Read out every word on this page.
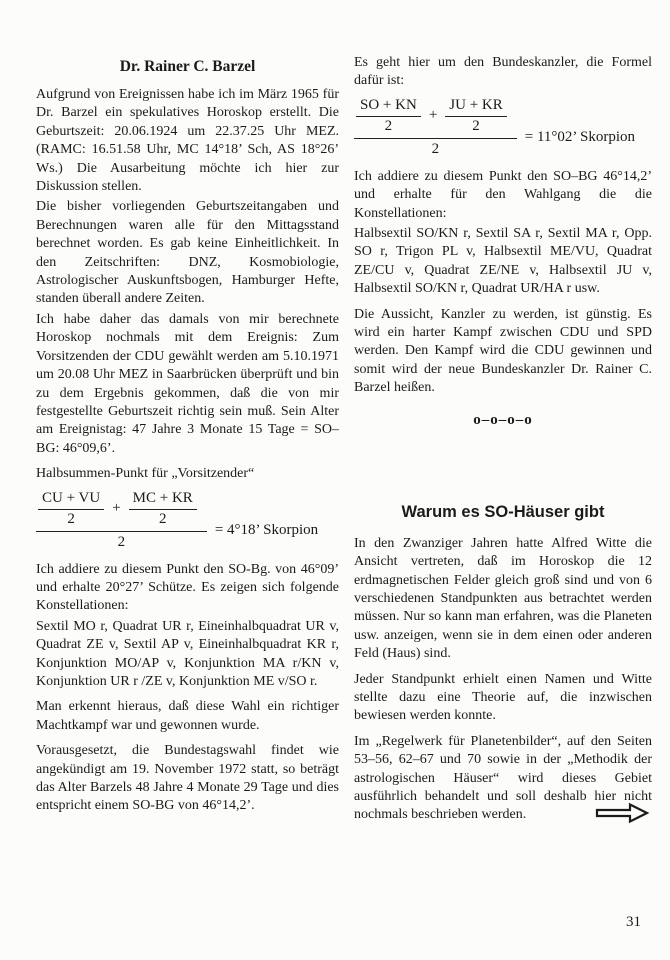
Dr. Rainer C. Barzel

Aufgrund von Ereignissen habe ich im März 1965 für Dr. Barzel ein spekulatives Horoskop erstellt. Die Geburtszeit: 20.06.1924 um 22.37.25 Uhr MEZ. (RAMC: 16.51.58 Uhr, MC 14°18’ Sch, AS 18°26’ Ws.) Die Ausarbeitung möchte ich hier zur Diskussion stellen.

Die bisher vorliegenden Geburtszeitangaben und Berechnungen waren alle für den Mittagsstand berechnet worden. Es gab keine Einheitlichkeit. In den Zeitschriften: DNZ, Kosmobiologie, Astrologischer Auskunftsbogen, Hamburger Hefte, standen überall andere Zeiten.

Ich habe daher das damals von mir berechnete Horoskop nochmals mit dem Ereignis: Zum Vorsitzenden der CDU gewählt werden am 5.10.1971 um 20.08 Uhr MEZ in Saarbrücken überprüft und bin zu dem Ergebnis gekommen, daß die von mir festgestellte Geburtszeit richtig sein muß. Sein Alter am Ereignistag: 47 Jahre 3 Monate 15 Tage = SO–BG: 46°09,6’.

Halbsummen-Punkt für „Vorsitzender“

$\frac{CU + VU}{2} + \frac{MC + KR}{2}$
2
= 4°18’ Skorpion

Ich addiere zu diesem Punkt den SO-Bg. von 46°09’ und erhalte 20°27’ Schütze. Es zeigen sich folgende Konstellationen:

Sextil MO r, Quadrat UR r, Eineinhalbquadrat UR v, Quadrat ZE v, Sextil AP v, Eineinhalbquadrat KR r, Konjunktion MO/AP v, Konjunktion MA r/KN v, Konjunktion UR r /ZE v, Konjunktion ME v/SO r.

Man erkennt hieraus, daß diese Wahl ein richtiger Machtkampf war und gewonnen wurde.

Vorausgesetzt, die Bundestagswahl findet wie angekündigt am 19. November 1972 statt, so beträgt das Alter Barzels 48 Jahre 4 Monate 29 Tage und dies entspricht einem SO-BG von 46°14,2’.

Es geht hier um den Bundeskanzler, die Formel dafür ist:

$\frac{SO + KN}{2} + \frac{JU + KR}{2}$
2
= 11°02’ Skorpion

Ich addiere zu diesem Punkt den SO–BG 46°14,2’ und erhalte für den Wahlgang die die Konstellationen:

Halbsextil SO/KN r, Sextil SA r, Sextil MA r, Opp. SO r, Trigon PL v, Halbsextil ME/VU, Quadrat ZE/CU v, Quadrat ZE/NE v, Halbsextil JU v, Halbsextil SO/KN r, Quadrat UR/HA r usw.

Die Aussicht, Kanzler zu werden, ist günstig. Es wird ein harter Kampf zwischen CDU und SPD werden. Den Kampf wird die CDU gewinnen und somit wird der neue Bundeskanzler Dr. Rainer C. Barzel heißen.

o–o–o–o
Warum es SO-Häuser gibt

In den Zwanziger Jahren hatte Alfred Witte die Ansicht vertreten, daß im Horoskop die 12 erdmagnetischen Felder gleich groß sind und von 6 verschiedenen Standpunkten aus betrachtet werden müssen. Nur so kann man erfahren, was die Planeten usw. anzeigen, wenn sie in dem einen oder anderen Feld (Haus) sind.

Jeder Standpunkt erhielt einen Namen und Witte stellte dazu eine Theorie auf, die inzwischen bewiesen werden konnte.

Im „Regelwerk für Planetenbilder“, auf den Seiten 53–56, 62–67 und 70 sowie in der „Methodik der astrologischen Häuser“ wird dieses Gebiet ausführlich behandelt und soll deshalb hier nicht nochmals beschrieben werden.

31
